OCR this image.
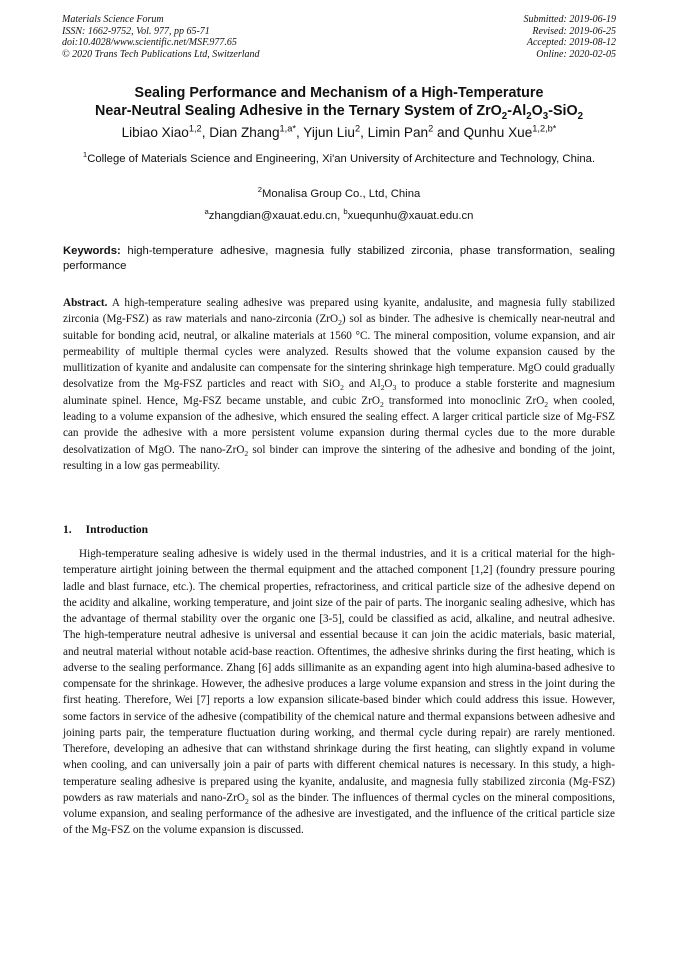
Materials Science Forum
ISSN: 1662-9752, Vol. 977, pp 65-71
doi:10.4028/www.scientific.net/MSF.977.65
© 2020 Trans Tech Publications Ltd, Switzerland
Submitted: 2019-06-19
Revised: 2019-06-25
Accepted: 2019-08-12
Online: 2020-02-05
Sealing Performance and Mechanism of a High-Temperature
Near-Neutral Sealing Adhesive in the Ternary System of $ZrO_2-Al_2O_3-SiO_2$
Libiao Xiao$^{1,2}$, Dian Zhang$^{1,a*}$, Yijun Liu$^2$, Limin Pan$^2$ and Qunhu Xue$^{1,2,b*}$
$^1$College of Materials Science and Engineering, Xi'an University of Architecture and Technology, China.
$^2$Monalisa Group Co., Ltd, China
$^a$zhangdian@xauat.edu.cn, $^b$xuequnhu@xauat.edu.cn
Keywords: high-temperature adhesive, magnesia fully stabilized zirconia, phase transformation, sealing performance
Abstract. A high-temperature sealing adhesive was prepared using kyanite, andalusite, and magnesia fully stabilized zirconia (Mg-FSZ) as raw materials and nano-zirconia (ZrO$_2$) sol as binder. The adhesive is chemically near-neutral and suitable for bonding acid, neutral, or alkaline materials at 1560 °C. The mineral composition, volume expansion, and air permeability of multiple thermal cycles were analyzed. Results showed that the volume expansion caused by the mullitization of kyanite and andalusite can compensate for the sintering shrinkage high temperature. MgO could gradually desolvatize from the Mg-FSZ particles and react with SiO$_2$ and $Al_2O_3$ to produce a stable forsterite and magnesium aluminate spinel. Hence, Mg-FSZ became unstable, and cubic ZrO$_2$ transformed into monoclinic ZrO$_2$ when cooled, leading to a volume expansion of the adhesive, which ensured the sealing effect. A larger critical particle size of Mg-FSZ can provide the adhesive with a more persistent volume expansion during thermal cycles due to the more durable desolvatization of MgO. The nano-ZrO$_2$ sol binder can improve the sintering of the adhesive and bonding of the joint, resulting in a low gas permeability.
1. Introduction
High-temperature sealing adhesive is widely used in the thermal industries, and it is a critical material for the high-temperature airtight joining between the thermal equipment and the attached component [1,2] (foundry pressure pouring ladle and blast furnace, etc.). The chemical properties, refractoriness, and critical particle size of the adhesive depend on the acidity and alkaline, working temperature, and joint size of the pair of parts. The inorganic sealing adhesive, which has the advantage of thermal stability over the organic one [3-5], could be classified as acid, alkaline, and neutral adhesive. The high-temperature neutral adhesive is universal and essential because it can join the acidic materials, basic material, and neutral material without notable acid-base reaction. Oftentimes, the adhesive shrinks during the first heating, which is adverse to the sealing performance. Zhang [6] adds sillimanite as an expanding agent into high alumina-based adhesive to compensate for the shrinkage. However, the adhesive produces a large volume expansion and stress in the joint during the first heating. Therefore, Wei [7] reports a low expansion silicate-based binder which could address this issue. However, some factors in service of the adhesive (compatibility of the chemical nature and thermal expansions between adhesive and joining parts pair, the temperature fluctuation during working, and thermal cycle during repair) are rarely mentioned. Therefore, developing an adhesive that can withstand shrinkage during the first heating, can slightly expand in volume when cooling, and can universally join a pair of parts with different chemical natures is necessary. In this study, a high-temperature sealing adhesive is prepared using the kyanite, andalusite, and magnesia fully stabilized zirconia (Mg-FSZ) powders as raw materials and nano-ZrO$_2$ sol as the binder. The influences of thermal cycles on the mineral compositions, volume expansion, and sealing performance of the adhesive are investigated, and the influence of the critical particle size of the Mg-FSZ on the volume expansion is discussed.
